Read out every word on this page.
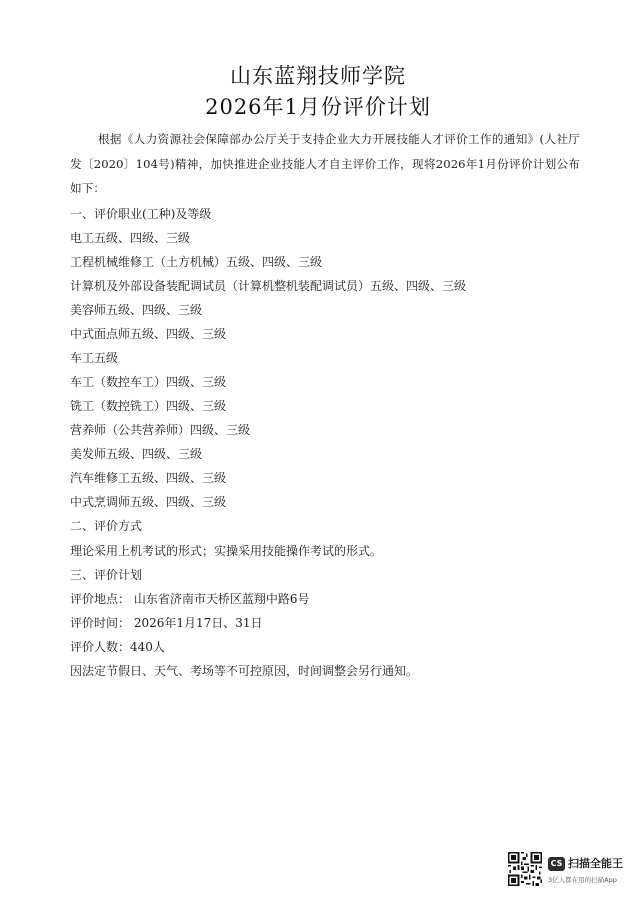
山东蓝翔技师学院
2026年1月份评价计划
根据《人力资源社会保障部办公厅关于支持企业大力开展技能人才评价工作的通知》(人社厅发〔2020〕104号)精神，加快推进企业技能人才自主评价工作，现将2026年1月份评价计划公布如下：
一、评价职业(工种)及等级
电工五级、四级、三级
工程机械维修工（土方机械）五级、四级、三级
计算机及外部设备装配调试员（计算机整机装配调试员）五级、四级、三级
美容师五级、四级、三级
中式面点师五级、四级、三级
车工五级
车工（数控车工）四级、三级
铣工（数控铣工）四级、三级
营养师（公共营养师）四级、三级
美发师五级、四级、三级
汽车维修工五级、四级、三级
中式烹调师五级、四级、三级
二、评价方式
理论采用上机考试的形式；实操采用技能操作考试的形式。
三、评价计划
评价地点： 山东省济南市天桥区蓝翔中路6号
评价时间： 2026年1月17日、31日
评价人数：440人
因法定节假日、天气、考场等不可控原因，时间调整会另行通知。
CS 扫描全能王
3亿人都在用的扫描App
